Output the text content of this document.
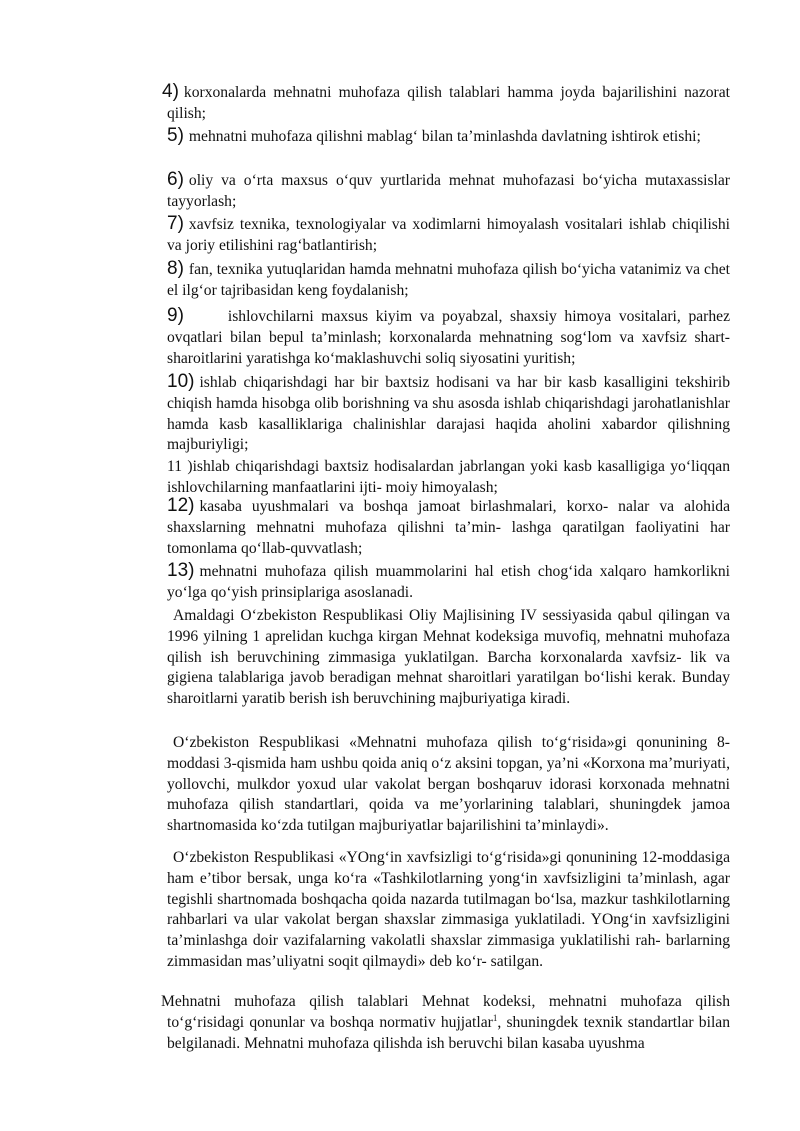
4) korxonalarda mehnatni muhofaza qilish talablari hamma joyda bajarilishini nazorat qilish;

5) mehnatni muhofaza qilishni mablag‘ bilan ta’minlashda davlatning ishtirok etishi;

6) oliy va o‘rta maxsus o‘quv yurtlarida mehnat muhofazasi bo‘yicha mutaxassislar tayyorlash;

7) xavfsiz texnika, texnologiyalar va xodimlarni himoyalash vositalari ishlab chiqilishi va joriy etilishini rag‘batlantirish;

8) fan, texnika yutuqlaridan hamda mehnatni muhofaza qilish bo‘yicha vatanimiz va chet el ilg‘or tajribasidan keng foydalanish;

9)	ishlovchilarni maxsus kiyim va poyabzal, shaxsiy himoya vositalari, parhez ovqatlari bilan bepul ta’minlash; korxonalarda mehnatning sog‘lom va xavfsiz shart-sharoitlarini yaratishga ko‘maklashuvchi soliq siyosatini yuritish;

10) ishlab chiqarishdagi har bir baxtsiz hodisani va har bir kasb kasalligini tekshirib chiqish hamda hisobga olib borishning va shu asosda ishlab chiqarishdagi jarohatlanishlar hamda kasb kasalliklariga chalinishlar darajasi haqida aholini xabardor qilishning majburiyligi;

11 )ishlab chiqarishdagi baxtsiz hodisalardan jabrlangan yoki kasb kasalligiga yo‘liqqan ishlovchilarning manfaatlarini ijti- moiy himoyalash;

12) kasaba uyushmalari va boshqa jamoat birlashmalari, korxo- nalar va alohida shaxslarning mehnatni muhofaza qilishni ta’min- lashga qaratilgan faoliyatini har tomonlama qo‘llab-quvvatlash;

13) mehnatni muhofaza qilish muammolarini hal etish chog‘ida xalqaro hamkorlikni yo‘lga qo‘yish prinsiplariga asoslanadi.

Amaldagi O‘zbekiston Respublikasi Oliy Majlisining IV sessiyasida qabul qilingan va 1996 yilning 1 aprelidan kuchga kirgan Mehnat kodeksiga muvofiq, mehnatni muhofaza qilish ish beruvchining zimmasiga yuklatilgan. Barcha korxonalarda xavfsiz- lik va gigiena talablariga javob beradigan mehnat sharoitlari yaratilgan bo‘lishi kerak. Bunday sharoitlarni yaratib berish ish beruvchining majburiyatiga kiradi.

O‘zbekiston Respublikasi «Mehnatni muhofaza qilish to‘g‘risida»gi qonunining 8-moddasi 3-qismida ham ushbu qoida aniq o‘z aksini topgan, ya’ni «Korxona ma’muriyati, yollovchi, mulkdor yoxud ular vakolat bergan boshqaruv idorasi korxonada mehnatni muhofaza qilish standartlari, qoida va me’yorlarining talablari, shuningdek jamoa shartnomasida ko‘zda tutilgan majburiyatlar bajarilishini ta’minlaydi».

O‘zbekiston Respublikasi «YOng‘in xavfsizligi to‘g‘risida»gi qonunining 12-moddasiga ham e’tibor bersak, unga ko‘ra «Tashkilotlarning yong‘in xavfsizligini ta’minlash, agar tegishli shartnomada boshqacha qoida nazarda tutilmagan bo‘lsa, mazkur tashkilotlarning rahbarlari va ular vakolat bergan shaxslar zimmasiga yuklatiladi. YOng‘in xavfsizligini ta’minlashga doir vazifalarning vakolatli shaxslar zimmasiga yuklatilishi rah- barlarning zimmasidan mas’uliyatni soqit qilmaydi» deb ko‘r- satilgan.

Mehnatni muhofaza qilish talablari Mehnat kodeksi, mehnatni muhofaza qilish to‘g‘risidagi qonunlar va boshqa normativ hujjatlar$^1$, shuningdek texnik standartlar bilan belgilanadi. Mehnatni muhofaza qilishda ish beruvchi bilan kasaba uyushma
